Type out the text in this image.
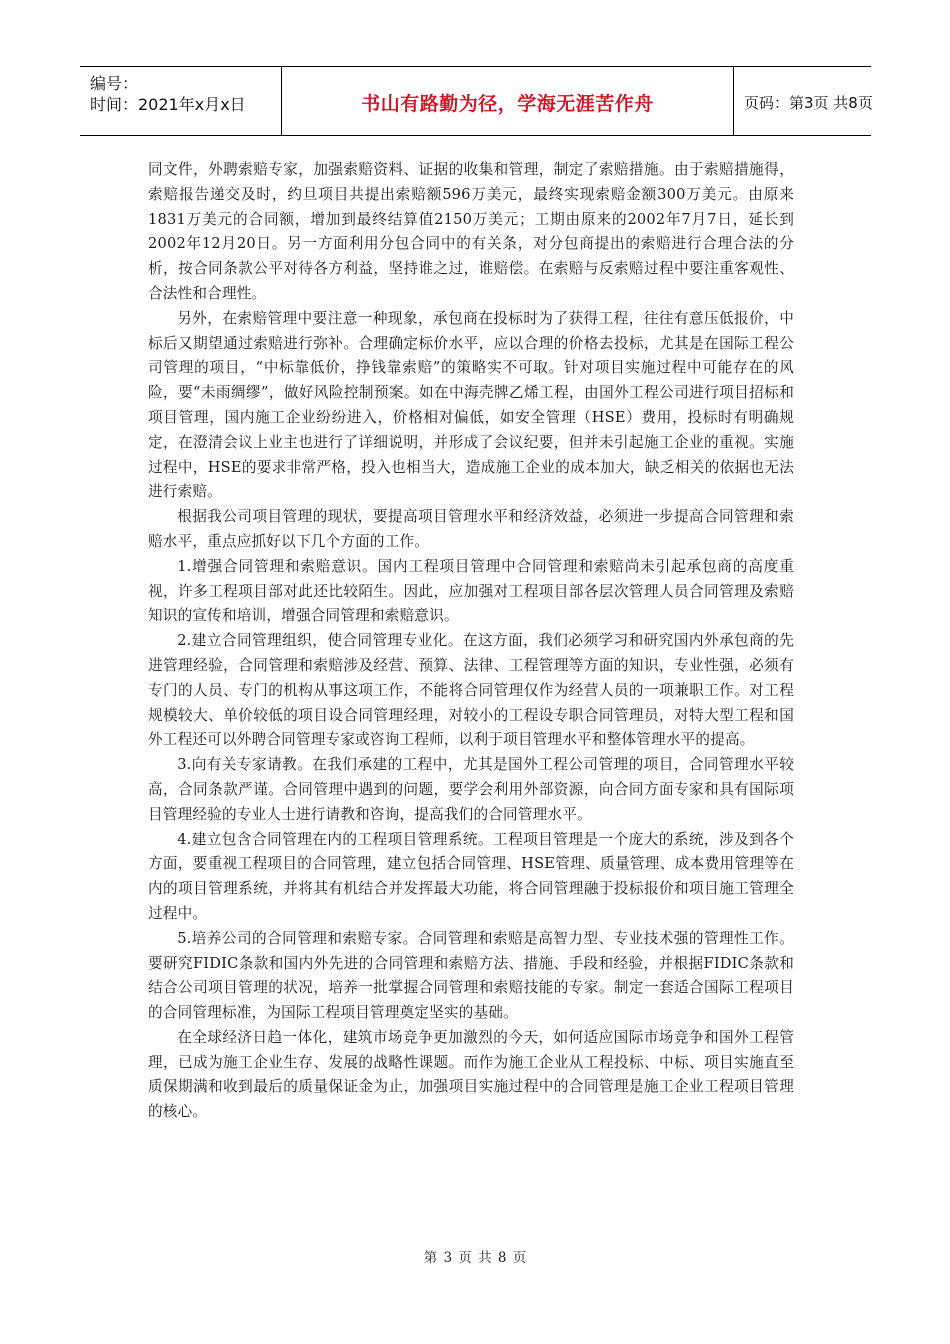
编号：
时间：2021年x月x日	书山有路勤为径，学海无涯苦作舟	页码：第3页 共8页

同文件，外聘索赔专家，加强索赔资料、证据的收集和管理，制定了索赔措施。由于索赔措施得，索赔报告递交及时，约旦项目共提出索赔额596万美元，最终实现索赔金额300万美元。由原来1831万美元的合同额，增加到最终结算值2150万美元；工期由原来的2002年7月7日，延长到2002年12月20日。另一方面利用分包合同中的有关条，对分包商提出的索赔进行合理合法的分析，按合同条款公平对待各方利益，坚持谁之过，谁赔偿。在索赔与反索赔过程中要注重客观性、合法性和合理性。

另外，在索赔管理中要注意一种现象，承包商在投标时为了获得工程，往往有意压低报价，中标后又期望通过索赔进行弥补。合理确定标价水平，应以合理的价格去投标，尤其是在国际工程公司管理的项目，“中标靠低价，挣钱靠索赔”的策略实不可取。针对项目实施过程中可能存在的风险，要“未雨绸缪”，做好风险控制预案。如在中海壳牌乙烯工程，由国外工程公司进行项目招标和项目管理，国内施工企业纷纷进入，价格相对偏低，如安全管理（HSE）费用，投标时有明确规定，在澄清会议上业主也进行了详细说明，并形成了会议纪要，但并未引起施工企业的重视。实施过程中，HSE的要求非常严格，投入也相当大，造成施工企业的成本加大，缺乏相关的依据也无法进行索赔。

根据我公司项目管理的现状，要提高项目管理水平和经济效益，必须进一步提高合同管理和索赔水平，重点应抓好以下几个方面的工作。

1.增强合同管理和索赔意识。国内工程项目管理中合同管理和索赔尚未引起承包商的高度重视，许多工程项目部对此还比较陌生。因此，应加强对工程项目部各层次管理人员合同管理及索赔知识的宣传和培训，增强合同管理和索赔意识。

2.建立合同管理组织，使合同管理专业化。在这方面，我们必须学习和研究国内外承包商的先进管理经验，合同管理和索赔涉及经营、预算、法律、工程管理等方面的知识，专业性强，必须有专门的人员、专门的机构从事这项工作，不能将合同管理仅作为经营人员的一项兼职工作。对工程规模较大、单价较低的项目设合同管理经理，对较小的工程设专职合同管理员，对特大型工程和国外工程还可以外聘合同管理专家或咨询工程师，以利于项目管理水平和整体管理水平的提高。

3.向有关专家请教。在我们承建的工程中，尤其是国外工程公司管理的项目，合同管理水平较高，合同条款严谨。合同管理中遇到的问题，要学会利用外部资源，向合同方面专家和具有国际项目管理经验的专业人士进行请教和咨询，提高我们的合同管理水平。

4.建立包含合同管理在内的工程项目管理系统。工程项目管理是一个庞大的系统，涉及到各个方面，要重视工程项目的合同管理，建立包括合同管理、HSE管理、质量管理、成本费用管理等在内的项目管理系统，并将其有机结合并发挥最大功能，将合同管理融于投标报价和项目施工管理全过程中。

5.培养公司的合同管理和索赔专家。合同管理和索赔是高智力型、专业技术强的管理性工作。要研究FIDIC条款和国内外先进的合同管理和索赔方法、措施、手段和经验，并根据FIDIC条款和结合公司项目管理的状况，培养一批掌握合同管理和索赔技能的专家。制定一套适合国际工程项目的合同管理标准，为国际工程项目管理奠定坚实的基础。

在全球经济日趋一体化，建筑市场竞争更加激烈的今天，如何适应国际市场竞争和国外工程管理，已成为施工企业生存、发展的战略性课题。而作为施工企业从工程投标、中标、项目实施直至质保期满和收到最后的质量保证金为止，加强项目实施过程中的合同管理是施工企业工程项目管理的核心。

第 3 页 共 8 页
